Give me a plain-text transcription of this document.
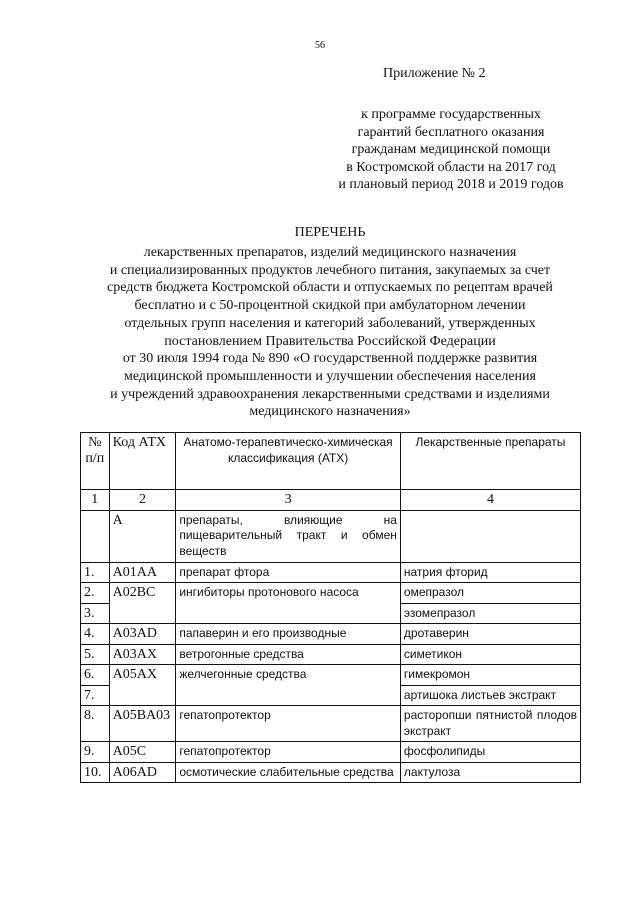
56
Приложение № 2
к программе государственных
гарантий бесплатного оказания
гражданам медицинской помощи
в Костромской области на 2017 год
и плановый период 2018 и 2019 годов
ПЕРЕЧЕНЬ
лекарственных препаратов, изделий медицинского назначения
и специализированных продуктов лечебного питания, закупаемых за счет
средств бюджета Костромской области и отпускаемых по рецептам врачей
бесплатно и с 50-процентной скидкой при амбулаторном лечении
отдельных групп населения и категорий заболеваний, утвержденных
постановлением Правительства Российской Федерации
от 30 июля 1994 года № 890 «О государственной поддержке развития
медицинской промышленности и улучшении обеспечения населения
и учреждений здравоохранения лекарственными средствами и изделиями
медицинского назначения»
№ п/п	Код АТХ	Анатомо-терапевтическо-химическая классификация (АТХ)	Лекарственные препараты
1	2	3	4
	А	препараты, влияющие на пищеварительный тракт и обмен веществ	
1.	A01AA	препарат фтора	натрия фторид
2.	A02BC	ингибиторы протонового насоса	омепразол
3.			эзомепразол
4.	A03AD	папаверин и его производные	дротаверин
5.	A03AX	ветрогонные средства	симетикон
6.	A05AX	желчегонные средства	гимекромон
7.			артишока листьев экстракт
8.	A05BA03	гепатопротектор	расторопши пятнистой плодов экстракт
9.	A05C	гепатопротектор	фосфолипиды
10.	A06AD	осмотические слабительные средства	лактулоза
